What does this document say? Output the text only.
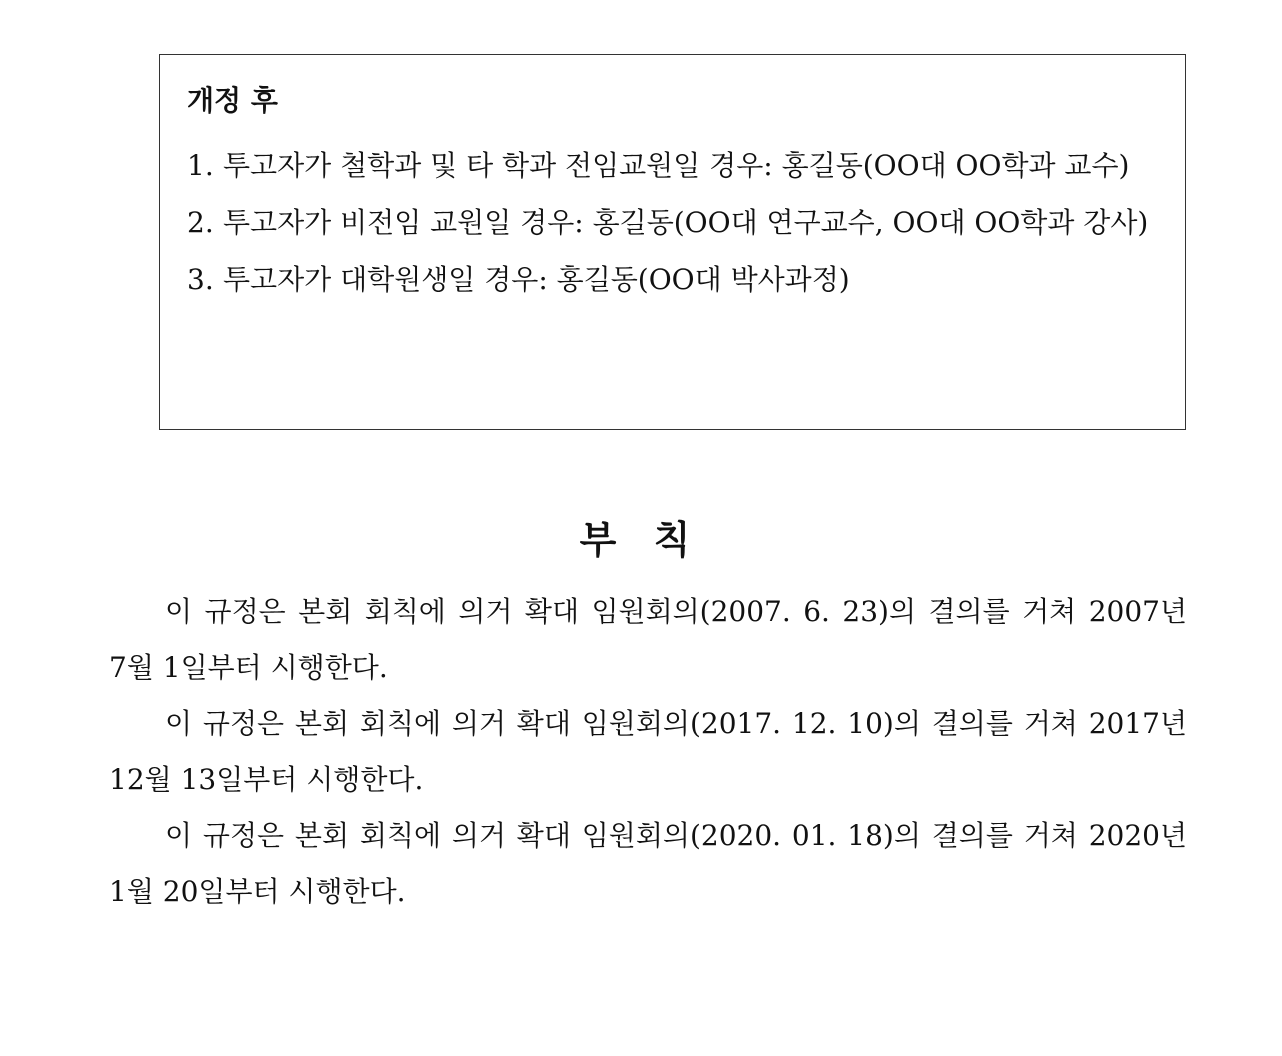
개정 후

1. 투고자가 철학과 및 타 학과 전임교원일 경우: 홍길동(OO대 OO학과 교수)
2. 투고자가 비전임 교원일 경우: 홍길동(OO대 연구교수, OO대 OO학과 강사)
3. 투고자가 대학원생일 경우: 홍길동(OO대 박사과정)
부 칙

이 규정은 본회 회칙에 의거 확대 임원회의(2007. 6. 23)의 결의를 거쳐 2007년 7월 1일부터 시행한다.

이 규정은 본회 회칙에 의거 확대 임원회의(2017. 12. 10)의 결의를 거쳐 2017년 12월 13일부터 시행한다.

이 규정은 본회 회칙에 의거 확대 임원회의(2020. 01. 18)의 결의를 거쳐 2020년 1월 20일부터 시행한다.
